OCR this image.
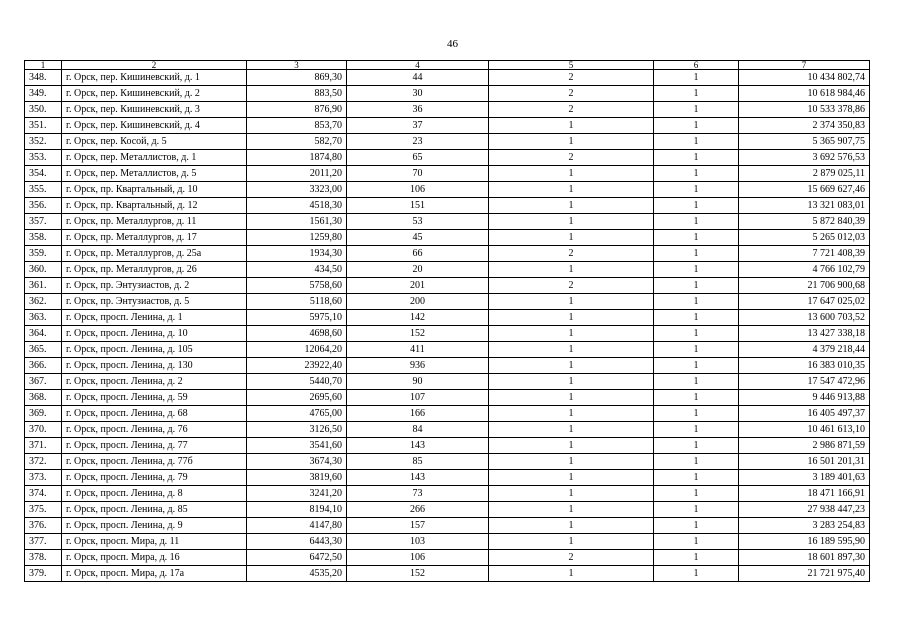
46
1	2	3	4	5	6	7
348.	г. Орск, пер. Кишиневский, д. 1	869,30	44	2	1	10 434 802,74
349.	г. Орск, пер. Кишиневский, д. 2	883,50	30	2	1	10 618 984,46
350.	г. Орск, пер. Кишиневский, д. 3	876,90	36	2	1	10 533 378,86
351.	г. Орск, пер. Кишиневский, д. 4	853,70	37	1	1	2 374 350,83
352.	г. Орск, пер. Косой, д. 5	582,70	23	1	1	5 365 907,75
353.	г. Орск, пер. Металлистов, д. 1	1874,80	65	2	1	3 692 576,53
354.	г. Орск, пер. Металлистов, д. 5	2011,20	70	1	1	2 879 025,11
355.	г. Орск, пр. Квартальный, д. 10	3323,00	106	1	1	15 669 627,46
356.	г. Орск, пр. Квартальный, д. 12	4518,30	151	1	1	13 321 083,01
357.	г. Орск, пр. Металлургов, д. 11	1561,30	53	1	1	5 872 840,39
358.	г. Орск, пр. Металлургов, д. 17	1259,80	45	1	1	5 265 012,03
359.	г. Орск, пр. Металлургов, д. 25а	1934,30	66	2	1	7 721 408,39
360.	г. Орск, пр. Металлургов, д. 26	434,50	20	1	1	4 766 102,79
361.	г. Орск, пр. Энтузиастов, д. 2	5758,60	201	2	1	21 706 900,68
362.	г. Орск, пр. Энтузиастов, д. 5	5118,60	200	1	1	17 647 025,02
363.	г. Орск, просп. Ленина, д. 1	5975,10	142	1	1	13 600 703,52
364.	г. Орск, просп. Ленина, д. 10	4698,60	152	1	1	13 427 338,18
365.	г. Орск, просп. Ленина, д. 105	12064,20	411	1	1	4 379 218,44
366.	г. Орск, просп. Ленина, д. 130	23922,40	936	1	1	16 383 010,35
367.	г. Орск, просп. Ленина, д. 2	5440,70	90	1	1	17 547 472,96
368.	г. Орск, просп. Ленина, д. 59	2695,60	107	1	1	9 446 913,88
369.	г. Орск, просп. Ленина, д. 68	4765,00	166	1	1	16 405 497,37
370.	г. Орск, просп. Ленина, д. 76	3126,50	84	1	1	10 461 613,10
371.	г. Орск, просп. Ленина, д. 77	3541,60	143	1	1	2 986 871,59
372.	г. Орск, просп. Ленина, д. 77б	3674,30	85	1	1	16 501 201,31
373.	г. Орск, просп. Ленина, д. 79	3819,60	143	1	1	3 189 401,63
374.	г. Орск, просп. Ленина, д. 8	3241,20	73	1	1	18 471 166,91
375.	г. Орск, просп. Ленина, д. 85	8194,10	266	1	1	27 938 447,23
376.	г. Орск, просп. Ленина, д. 9	4147,80	157	1	1	3 283 254,83
377.	г. Орск, просп. Мира, д. 11	6443,30	103	1	1	16 189 595,90
378.	г. Орск, просп. Мира, д. 16	6472,50	106	2	1	18 601 897,30
379.	г. Орск, просп. Мира, д. 17а	4535,20	152	1	1	21 721 975,40
